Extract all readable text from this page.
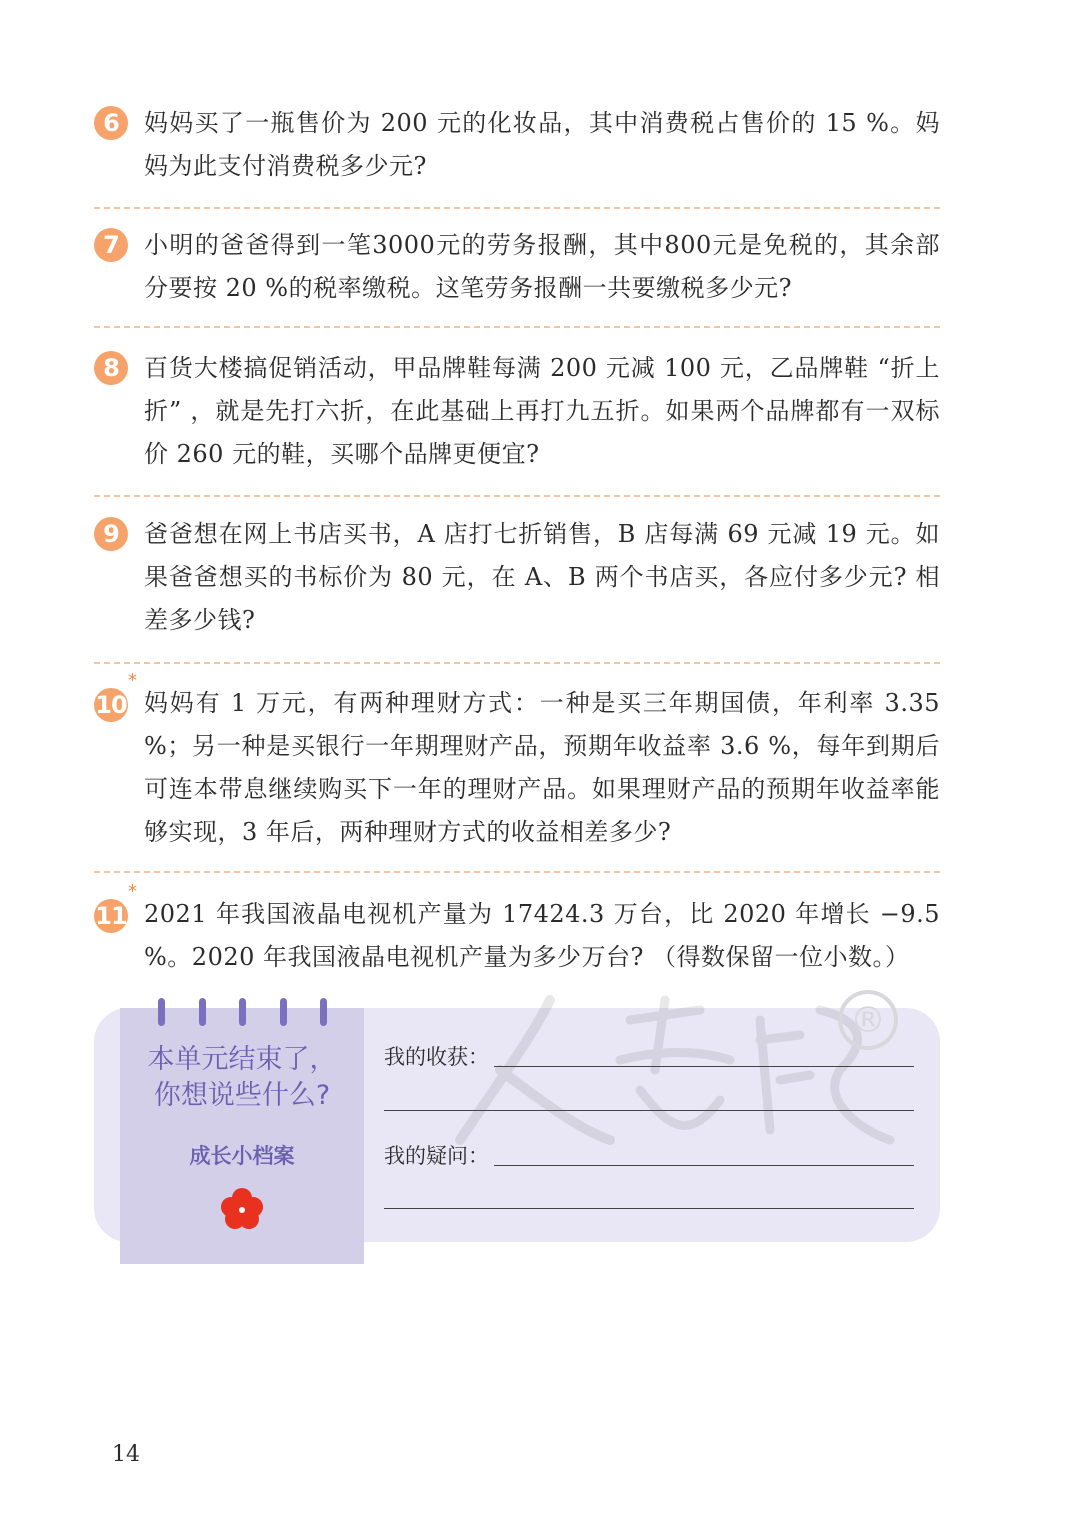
6	妈妈买了一瓶售价为 200 元的化妆品，其中消费税占售价的 15 %。妈妈为此支付消费税多少元?
7	小明的爸爸得到一笔3000元的劳务报酬，其中800元是免税的，其余部分要按 20 %的税率缴税。这笔劳务报酬一共要缴税多少元?
8	百货大楼搞促销活动，甲品牌鞋每满 200 元减 100 元，乙品牌鞋 “折上折” ，就是先打六折，在此基础上再打九五折。如果两个品牌都有一双标价 260 元的鞋，买哪个品牌更便宜?
9	爸爸想在网上书店买书，A 店打七折销售，B 店每满 69 元减 19 元。如果爸爸想买的书标价为 80 元，在 A、B 两个书店买，各应付多少元? 相差多少钱?
10
*
妈妈有 1 万元，有两种理财方式：一种是买三年期国债，年利率 3.35 %；另一种是买银行一年期理财产品，预期年收益率 3.6 %，每年到期后可连本带息继续购买下一年的理财产品。如果理财产品的预期年收益率能够实现，3 年后，两种理财方式的收益相差多少?
11
*
2021 年我国液晶电视机产量为 17424.3 万台，比 2020 年增长 −9.5 %。2020 年我国液晶电视机产量为多少万台? （得数保留一位小数。）
®
本单元结束了，
你想说些什么?
成长小档案
我的收获：
我的疑问：
14
